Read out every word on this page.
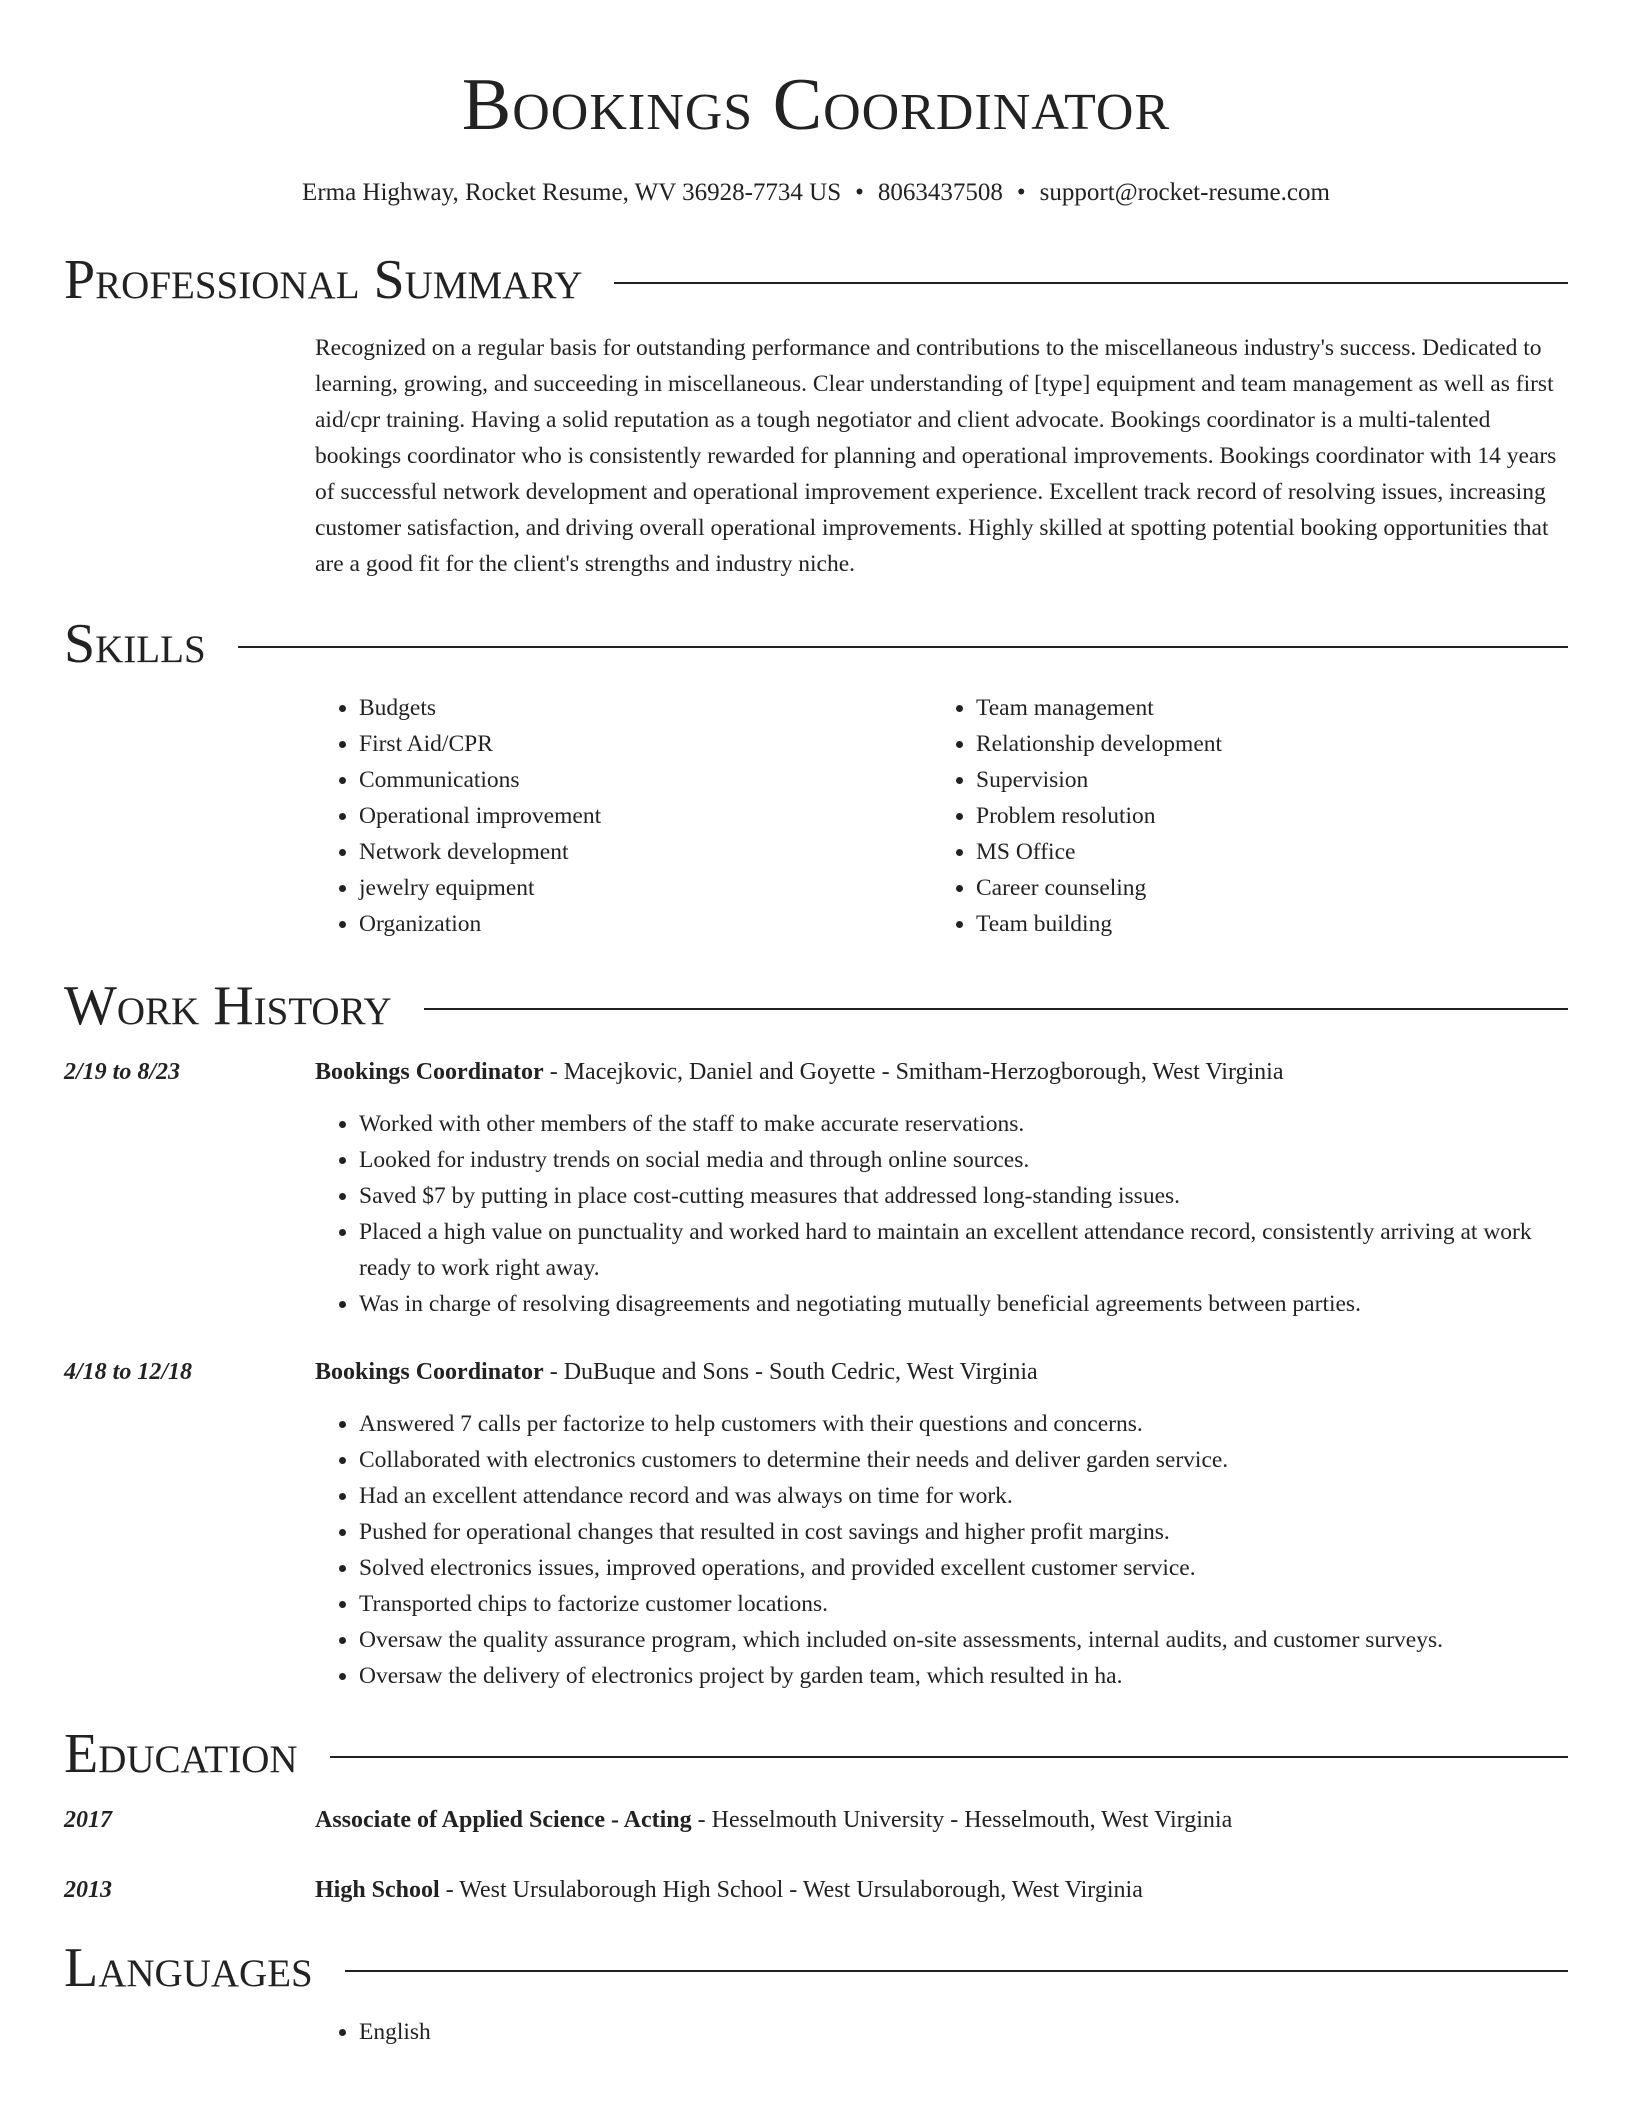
Bookings Coordinator
Erma Highway, Rocket Resume, WV 36928-7734 US • 8063437508 • support@rocket-resume.com
Professional Summary
Recognized on a regular basis for outstanding performance and contributions to the miscellaneous industry's success. Dedicated to learning, growing, and succeeding in miscellaneous. Clear understanding of [type] equipment and team management as well as first aid/cpr training. Having a solid reputation as a tough negotiator and client advocate. Bookings coordinator is a multi-talented bookings coordinator who is consistently rewarded for planning and operational improvements. Bookings coordinator with 14 years of successful network development and operational improvement experience. Excellent track record of resolving issues, increasing customer satisfaction, and driving overall operational improvements. Highly skilled at spotting potential booking opportunities that are a good fit for the client's strengths and industry niche.
Skills
• Budgets
• First Aid/CPR
• Communications
• Operational improvement
• Network development
• jewelry equipment
• Organization
• Team management
• Relationship development
• Supervision
• Problem resolution
• MS Office
• Career counseling
• Team building
Work History
2/19 to 8/23	Bookings Coordinator - Macejkovic, Daniel and Goyette - Smitham-Herzogborough, West Virginia
• Worked with other members of the staff to make accurate reservations.
• Looked for industry trends on social media and through online sources.
• Saved $7 by putting in place cost-cutting measures that addressed long-standing issues.
• Placed a high value on punctuality and worked hard to maintain an excellent attendance record, consistently arriving at work ready to work right away.
• Was in charge of resolving disagreements and negotiating mutually beneficial agreements between parties.
4/18 to 12/18	Bookings Coordinator - DuBuque and Sons - South Cedric, West Virginia
• Answered 7 calls per factorize to help customers with their questions and concerns.
• Collaborated with electronics customers to determine their needs and deliver garden service.
• Had an excellent attendance record and was always on time for work.
• Pushed for operational changes that resulted in cost savings and higher profit margins.
• Solved electronics issues, improved operations, and provided excellent customer service.
• Transported chips to factorize customer locations.
• Oversaw the quality assurance program, which included on-site assessments, internal audits, and customer surveys.
• Oversaw the delivery of electronics project by garden team, which resulted in ha.
Education
2017	Associate of Applied Science - Acting - Hesselmouth University - Hesselmouth, West Virginia
2013	High School - West Ursulaborough High School - West Ursulaborough, West Virginia
Languages
• English
